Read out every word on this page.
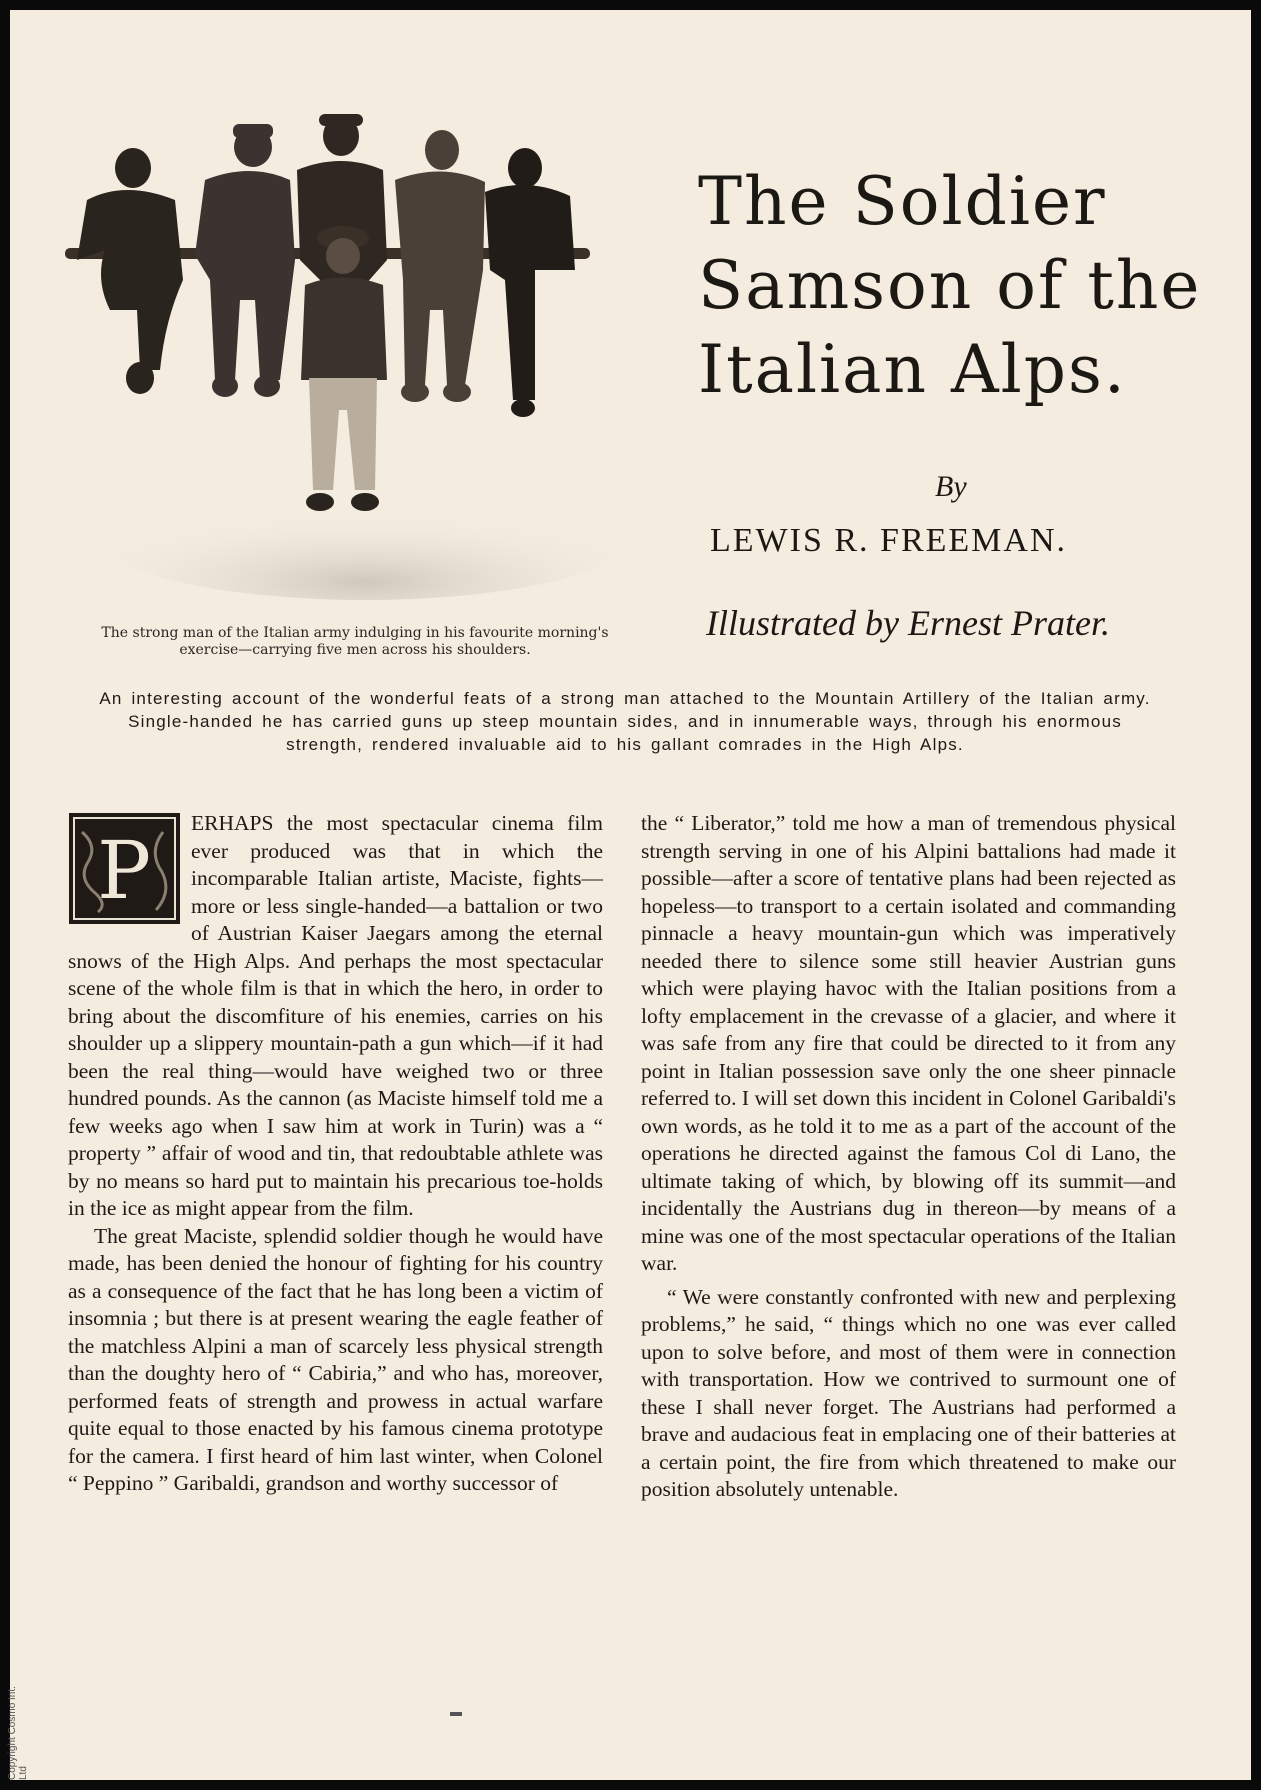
The strong man of the Italian army indulging in his favourite morning's exercise—carrying five men across his shoulders.
The Soldier
Samson of the
Italian Alps.
By
LEWIS R. FREEMAN.
Illustrated by Ernest Prater.
An interesting account of the wonderful feats of a strong man attached to the Mountain Artillery of the Italian army. Single-handed he has carried guns up steep mountain sides, and in innumerable ways, through his enormous strength, rendered invaluable aid to his gallant comrades in the High Alps.

P
ERHAPS the most spectacular cinema film ever produced was that in which the incomparable Italian artiste, Maciste, fights—more or less single-handed—a battalion or two of Austrian Kaiser Jaegars among the eternal snows of the High Alps. And perhaps the most spectacular scene of the whole film is that in which the hero, in order to bring about the discomfiture of his enemies, carries on his shoulder up a slippery mountain-path a gun which—if it had been the real thing—would have weighed two or three hundred pounds. As the cannon (as Maciste himself told me a few weeks ago when I saw him at work in Turin) was a “ property ” affair of wood and tin, that redoubtable athlete was by no means so hard put to maintain his precarious toe-holds in the ice as might appear from the film.

The great Maciste, splendid soldier though he would have made, has been denied the honour of fighting for his country as a consequence of the fact that he has long been a victim of insomnia ; but there is at present wearing the eagle feather of the matchless Alpini a man of scarcely less physical strength than the doughty hero of “ Cabiria,” and who has, moreover, performed feats of strength and prowess in actual warfare quite equal to those enacted by his famous cinema prototype for the camera. I first heard of him last winter, when Colonel “ Peppino ” Garibaldi, grandson and worthy successor of

the “ Liberator,” told me how a man of tremendous physical strength serving in one of his Alpini battalions had made it possible—after a score of tentative plans had been rejected as hopeless—to transport to a certain isolated and commanding pinnacle a heavy mountain-gun which was imperatively needed there to silence some still heavier Austrian guns which were playing havoc with the Italian positions from a lofty emplacement in the crevasse of a glacier, and where it was safe from any fire that could be directed to it from any point in Italian possession save only the one sheer pinnacle referred to. I will set down this incident in Colonel Garibaldi's own words, as he told it to me as a part of the account of the operations he directed against the famous Col di Lano, the ultimate taking of which, by blowing off its summit—and incidentally the Austrians dug in thereon—by means of a mine was one of the most spectacular operations of the Italian war.

“ We were constantly confronted with new and perplexing problems,” he said, “ things which no one was ever called upon to solve before, and most of them were in connection with transportation. How we contrived to surmount one of these I shall never forget. The Austrians had performed a brave and audacious feat in emplacing one of their batteries at a certain point, the fire from which threatened to make our position absolutely untenable.

Copyright Cosmo Int. Ltd
